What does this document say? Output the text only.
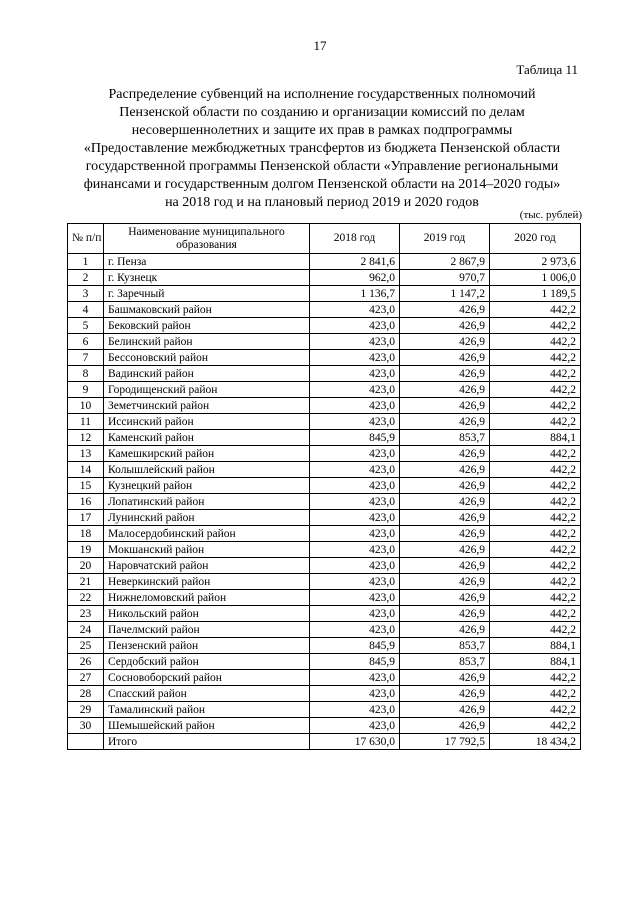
17
Таблица 11
Распределение субвенций на исполнение государственных полномочий
Пензенской области по созданию и организации комиссий по делам
несовершеннолетних и защите их прав в рамках подпрограммы
«Предоставление межбюджетных трансфертов из бюджета Пензенской области
государственной программы Пензенской области «Управление региональными
финансами и государственным долгом Пензенской области на 2014–2020 годы»
на 2018 год и на плановый период 2019 и 2020 годов
(тыс. рублей)
№ п/п	Наименование муниципального образования	2018 год	2019 год	2020 год
1	г. Пенза	2 841,6	2 867,9	2 973,6
2	г. Кузнецк	962,0	970,7	1 006,0
3	г. Заречный	1 136,7	1 147,2	1 189,5
4	Башмаковский район	423,0	426,9	442,2
5	Бековский район	423,0	426,9	442,2
6	Белинский район	423,0	426,9	442,2
7	Бессоновский район	423,0	426,9	442,2
8	Вадинский район	423,0	426,9	442,2
9	Городищенский район	423,0	426,9	442,2
10	Земетчинский район	423,0	426,9	442,2
11	Иссинский район	423,0	426,9	442,2
12	Каменский район	845,9	853,7	884,1
13	Камешкирский район	423,0	426,9	442,2
14	Колышлейский район	423,0	426,9	442,2
15	Кузнецкий район	423,0	426,9	442,2
16	Лопатинский район	423,0	426,9	442,2
17	Лунинский район	423,0	426,9	442,2
18	Малосердобинский район	423,0	426,9	442,2
19	Мокшанский район	423,0	426,9	442,2
20	Наровчатский район	423,0	426,9	442,2
21	Неверкинский район	423,0	426,9	442,2
22	Нижнеломовский район	423,0	426,9	442,2
23	Никольский район	423,0	426,9	442,2
24	Пачелмский район	423,0	426,9	442,2
25	Пензенский район	845,9	853,7	884,1
26	Сердобский район	845,9	853,7	884,1
27	Сосновоборский район	423,0	426,9	442,2
28	Спасский район	423,0	426,9	442,2
29	Тамалинский район	423,0	426,9	442,2
30	Шемышейский район	423,0	426,9	442,2
	Итого	17 630,0	17 792,5	18 434,2
